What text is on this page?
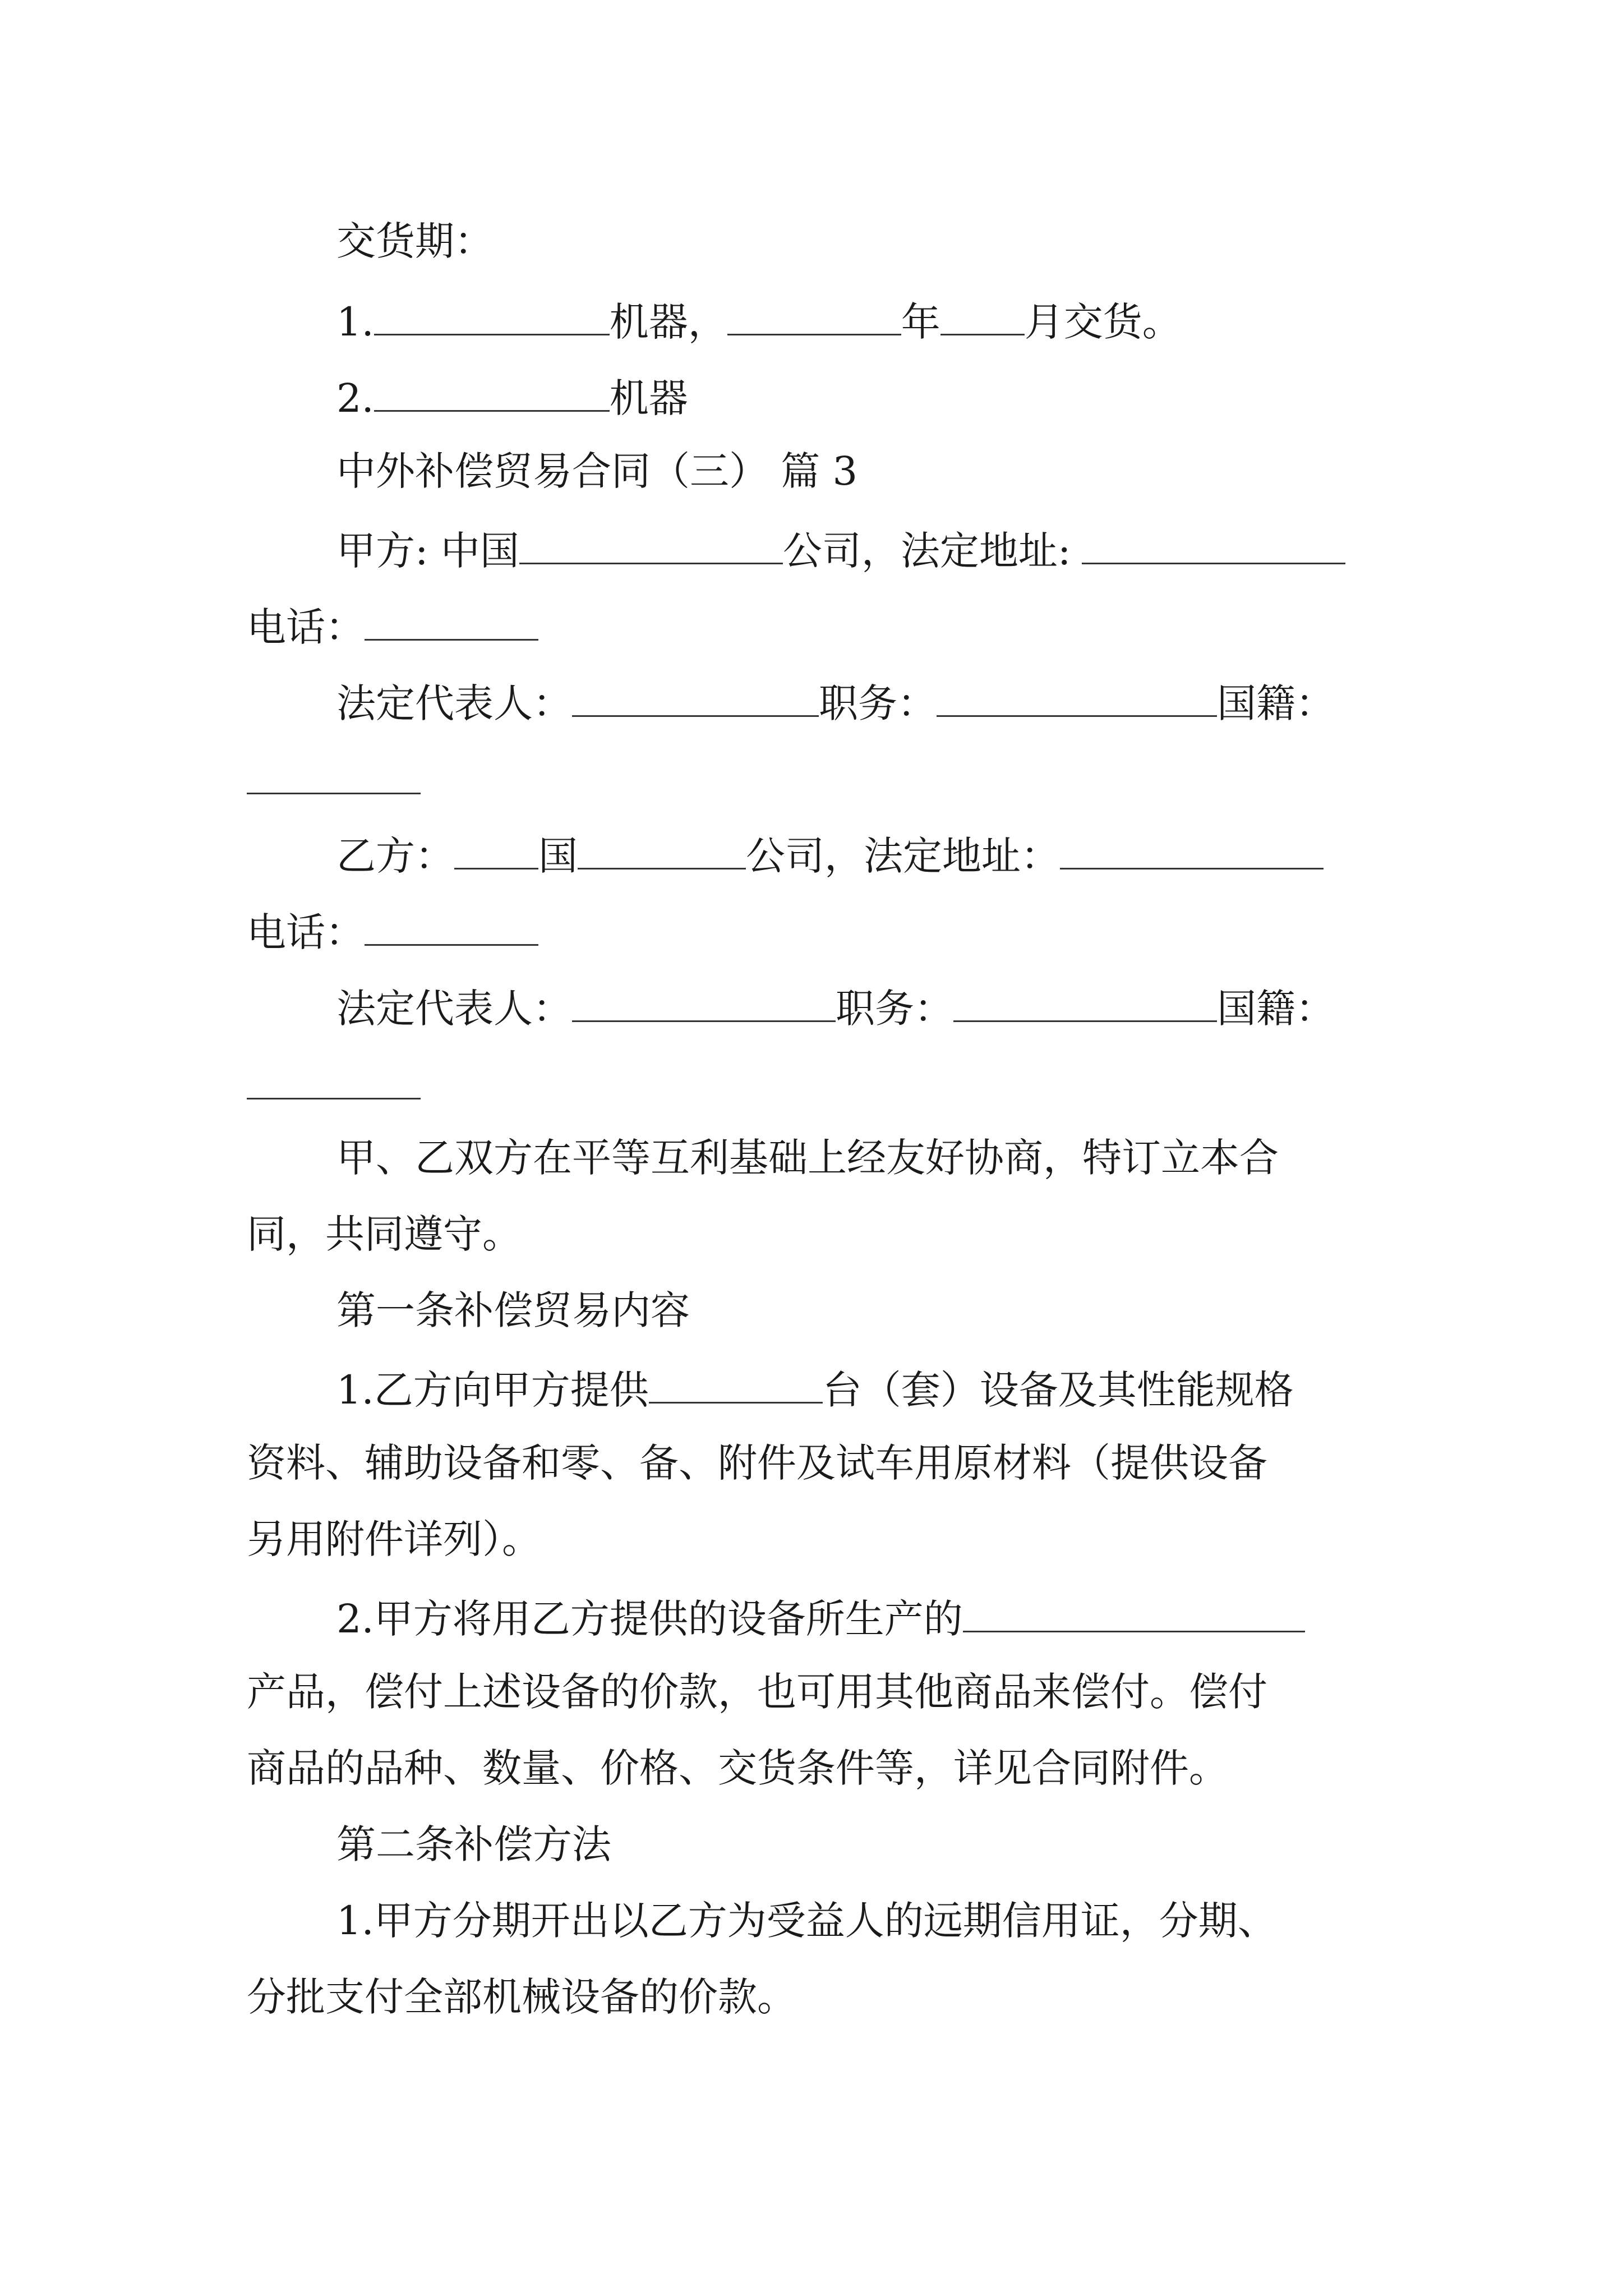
交货期：
1.	机器，	年 月交货。
2.	机器
中外补偿贸易合同（三） 篇 3
甲方: 中国	公司，法定地址:
电话：
法定代表人：	职务：	国籍：
乙方： 国	公司，法定地址：
电话：
法定代表人：	职务：	国籍：
甲、乙双方在平等互利基础上经友好协商，特订立本合
同，共同遵守。
第一条补偿贸易内容
1.乙方向甲方提供	台（套）设备及其性能规格
资料、辅助设备和零、备、附件及试车用原材料（提供设备
另用附件详列）。
2.甲方将用乙方提供的设备所生产的
产品，偿付上述设备的价款，也可用其他商品来偿付。偿付
商品的品种、数量、价格、交货条件等，详见合同附件。
第二条补偿方法
1.甲方分期开出以乙方为受益人的远期信用证，分期、
分批支付全部机械设备的价款。
